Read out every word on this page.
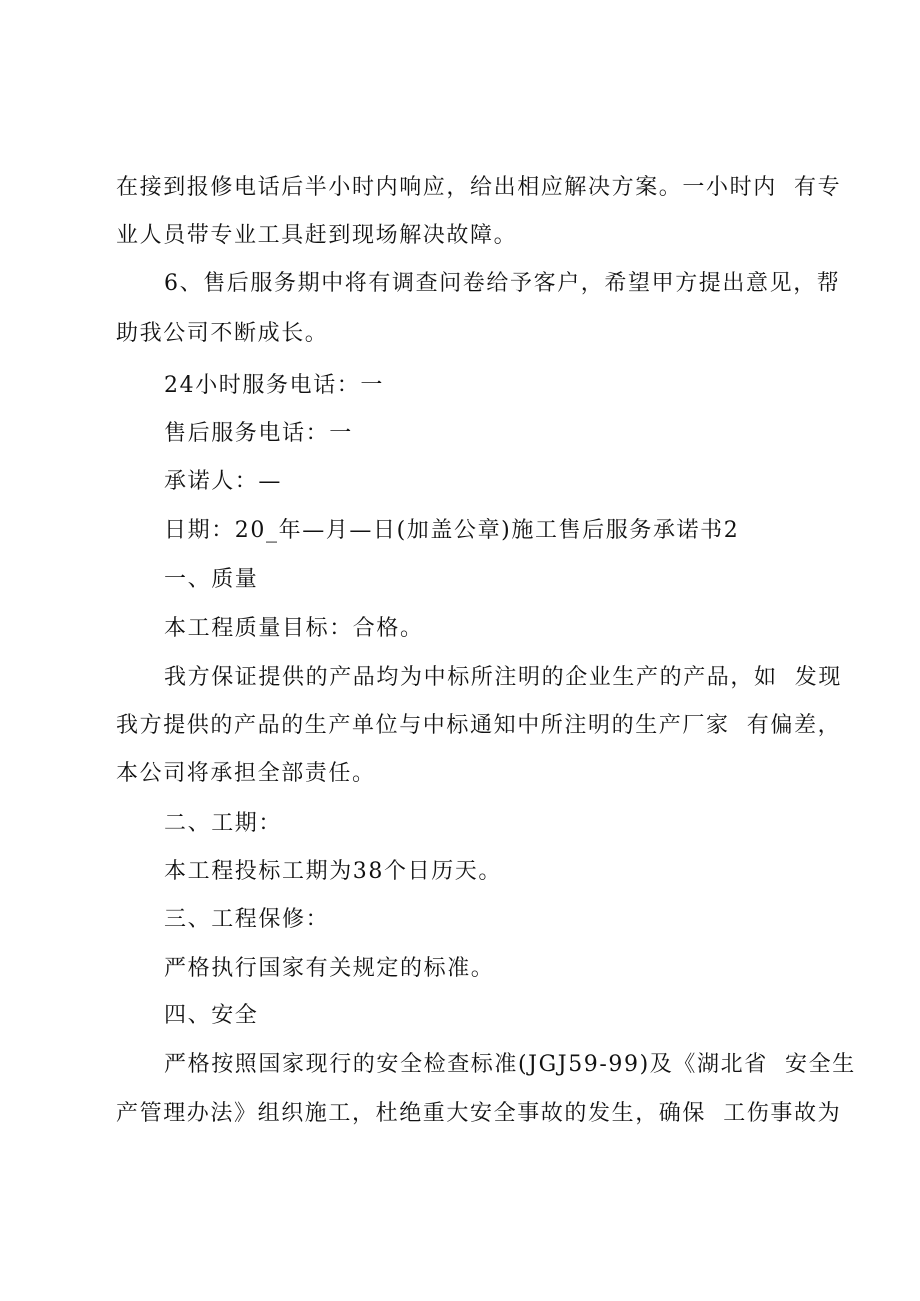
在接到报修电话后半小时内响应，给出相应解决方案。一小时内  有专
业人员带专业工具赶到现场解决故障。
6、售后服务期中将有调查问卷给予客户，希望甲方提出意见，帮
助我公司不断成长。
24小时服务电话：一
售后服务电话：一
承诺人：—
日期：20_年—月—日(加盖公章)施工售后服务承诺书2
一、质量
本工程质量目标：合格。
我方保证提供的产品均为中标所注明的企业生产的产品，如  发现
我方提供的产品的生产单位与中标通知中所注明的生产厂家  有偏差，
本公司将承担全部责任。
二、工期：
本工程投标工期为38个日历天。
三、工程保修：
严格执行国家有关规定的标准。
四、安全
严格按照国家现行的安全检查标准(JGJ59-99)及《湖北省  安全生
产管理办法》组织施工，杜绝重大安全事故的发生，确保  工伤事故为
